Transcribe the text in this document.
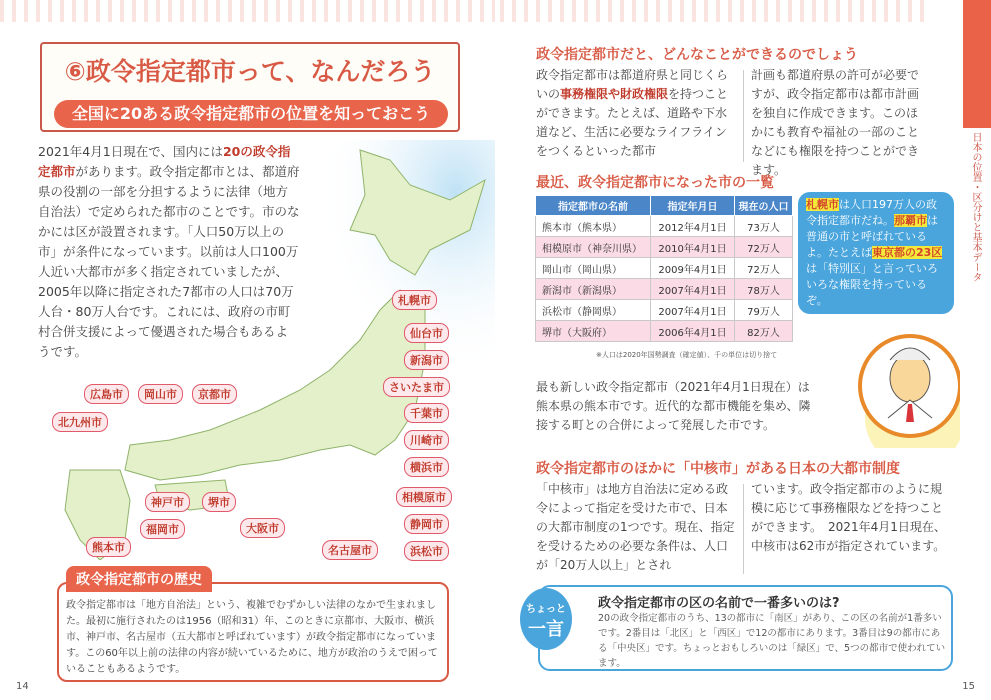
⑥政令指定都市って、なんだろう
全国に20ある政令指定都市の位置を知っておこう
2021年4月1日現在で、国内には20の政令指定都市があります。政令指定都市とは、都道府県の役割の一部を分担するように法律（地方自治法）で定められた都市のことです。市のなかには区が設置されます。「人口50万以上の市」が条件になっています。以前は人口100万人近い大都市が多く指定されていましたが、2005年以降に指定された7都市の人口は70万人台・80万人台です。これには、政府の市町村合併支援によって優遇された場合もあるようです。
札幌市
仙台市
新潟市
さいたま市
千葉市
川崎市
横浜市
相模原市
静岡市
浜松市
名古屋市
大阪市
堺市
神戸市
京都市
岡山市
広島市
北九州市
福岡市
熊本市
政令指定都市の歴史
政令指定都市は「地方自治法」という、複雑でむずかしい法律のなかで生まれました。最初に施行されたのは1956（昭和31）年、このときに京都市、大阪市、横浜市、神戸市、名古屋市（五大都市と呼ばれています）が政令指定都市になっています。この60年以上前の法律の内容が続いているために、地方が政治のうえで困っていることもあるようです。
14
日本の位置・区分けと基本データ
政令指定都市だと、どんなことができるのでしょう
政令指定都市は都道府県と同じくらいの事務権限や財政権限を持つことができます。たとえば、道路や下水道など、生活に必要なライフラインをつくるといった都市
計画も都道府県の許可が必要ですが、政令指定都市は都市計画を独自に作成できます。このほかにも教育や福祉の一部のことなどにも権限を持つことができます。
最近、政令指定都市になった市の一覧
指定都市の名前	指定年月日	現在の人口
熊本市（熊本県）	2012年4月1日	73万人
相模原市（神奈川県）	2010年4月1日	72万人
岡山市（岡山県）	2009年4月1日	72万人
新潟市（新潟県）	2007年4月1日	78万人
浜松市（静岡県）	2007年4月1日	79万人
堺市（大阪府）	2006年4月1日	82万人
※人口は2020年国勢調査（確定値）、千の単位は切り捨て
札幌市は人口197万人の政令指定都市だね。那覇市は普通の市と呼ばれているよ。たとえば東京都の23区は「特別区」と言っていろいろな権限を持っているぞ。
最も新しい政令指定都市（2021年4月1日現在）は熊本県の熊本市です。近代的な都市機能を集め、隣接する町との合併によって発展した市です。
政令指定都市のほかに「中核市」がある日本の大都市制度
「中核市」は地方自治法に定める政令によって指定を受けた市で、日本の大都市制度の1つです。現在、指定を受けるための必要な条件は、人口が「20万人以上」とされ
ています。政令指定都市のように規模に応じて事務権限などを持つことができます。　2021年4月1日現在、中核市は62市が指定されています。
ちょっと
一言
政令指定都市の区の名前で一番多いのは?
20の政令指定都市のうち、13の都市に「南区」があり、この区の名前が1番多いです。2番目は「北区」と「西区」で12の都市にあります。3番目は9の都市にある「中央区」です。ちょっとおもしろいのは「緑区」で、5つの都市で使われています。
15
